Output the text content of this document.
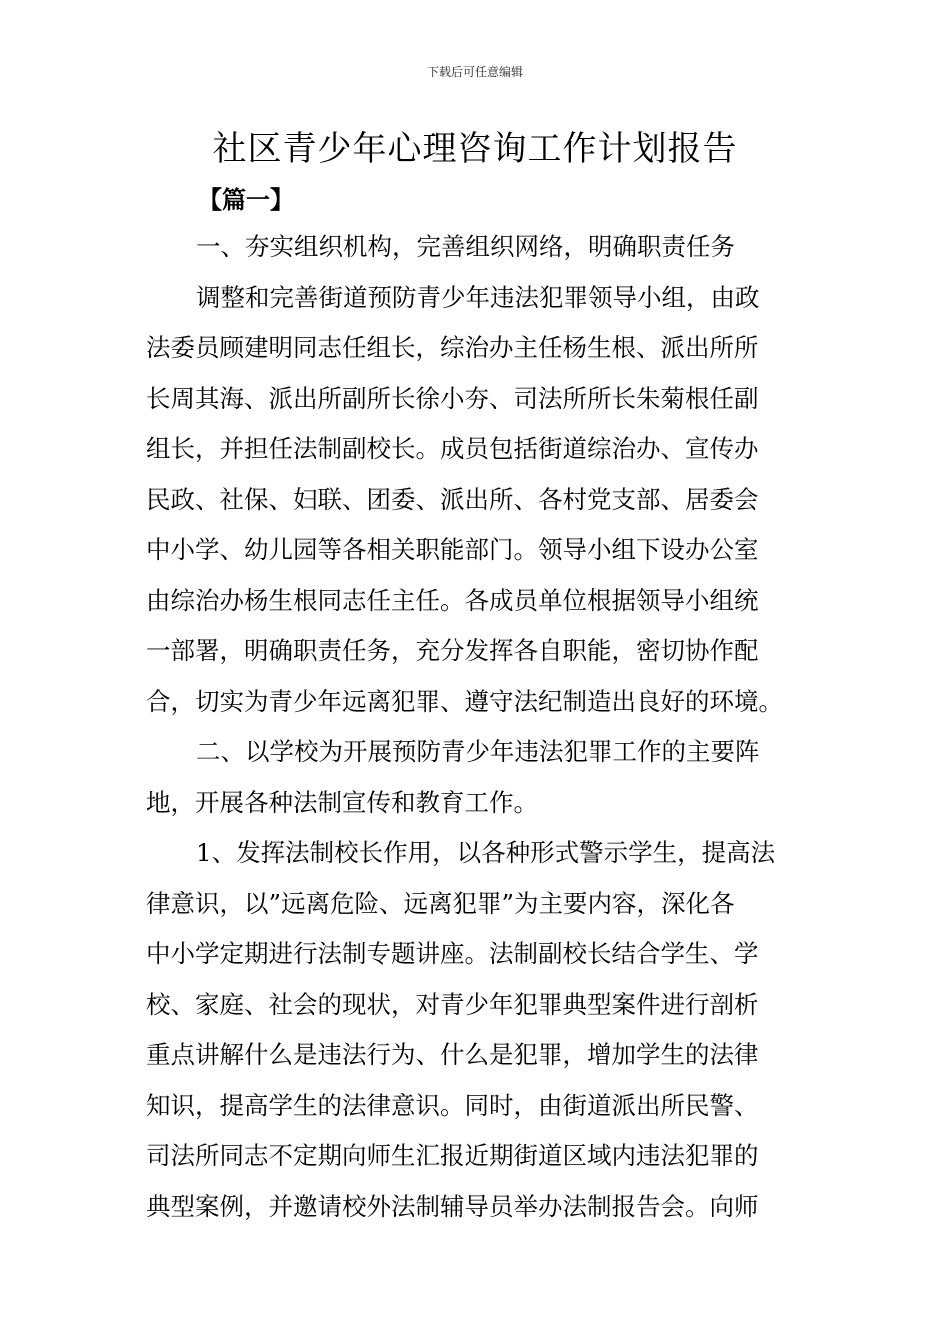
下载后可任意编辑
社区青少年心理咨询工作计划报告
【篇一】
一、夯实组织机构，完善组织网络，明确职责任务
调整和完善街道预防青少年违法犯罪领导小组，由政
法委员顾建明同志任组长，综治办主任杨生根、派出所所
长周其海、派出所副所长徐小夯、司法所所长朱菊根任副
组长，并担任法制副校长。成员包括街道综治办、宣传办
民政、社保、妇联、团委、派出所、各村党支部、居委会
中小学、幼儿园等各相关职能部门。领导小组下设办公室
由综治办杨生根同志任主任。各成员单位根据领导小组统
一部署，明确职责任务，充分发挥各自职能，密切协作配
合，切实为青少年远离犯罪、遵守法纪制造出良好的环境。
二、以学校为开展预防青少年违法犯罪工作的主要阵
地，开展各种法制宣传和教育工作。
1、发挥法制校长作用，以各种形式警示学生，提高法
律意识，以”远离危险、远离犯罪”为主要内容，深化各
中小学定期进行法制专题讲座。法制副校长结合学生、学
校、家庭、社会的现状，对青少年犯罪典型案件进行剖析
重点讲解什么是违法行为、什么是犯罪，增加学生的法律
知识，提高学生的法律意识。同时，由街道派出所民警、
司法所同志不定期向师生汇报近期街道区域内违法犯罪的
典型案例，并邀请校外法制辅导员举办法制报告会。向师
